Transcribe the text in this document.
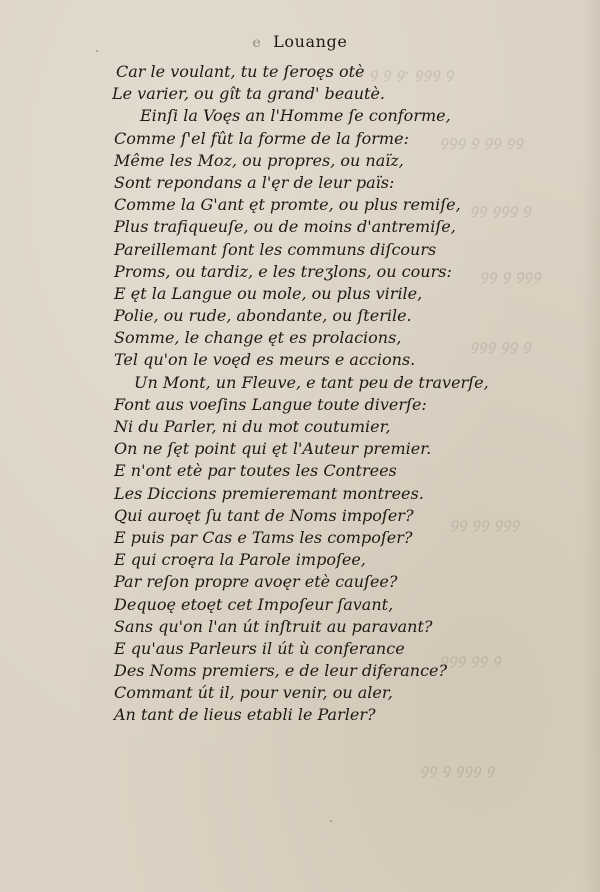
— ꝯ ꝯ ꝯ· ꝯꝯꝯ ꝯ
ꝯꝯꝯ ꝯ ꝯꝯ ꝯꝯ
ꝯꝯ ꝯꝯꝯ ꝯ
ꝯꝯ ꝯ ꝯꝯꝯ
ꝯꝯꝯ ꝯꝯ ꝯ
ꝯꝯ ꝯꝯ ꝯꝯꝯ
ꝯꝯꝯ ꝯꝯ ꝯ
ꝯꝯ ꝯ ꝯꝯꝯ ꝯ
e Louange
Car le voulant, tu te ſeroęs otè
Le varier, ou gît ta grand' beautè.
Einſi la Voęs an l'Homme ſe conforme,
Comme ſ'el fût la forme de la forme:
Même les Moz, ou propres, ou naïz,
Sont repondans a l'ęr de leur païs:
Comme la G'ant ęt promte, ou plus remiſe,
Plus trafiqueuſe, ou de moins d'antremiſe,
Pareillemant ſont les communs diſcours
Proms, ou tardiz, e les treʒlons, ou cours:
E ęt la Langue ou mole, ou plus virile,
Polie, ou rude, abondante, ou ſterile.
Somme, le change ęt es prolacions,
Tel qu'on le voęd es meurs e accions.
Un Mont, un Fleuve, e tant peu de traverſe,
Font aus voeſins Langue toute diverſe:
Ni du Parler, ni du mot coutumier,
On ne ſęt point qui ęt l'Auteur premier.
E n'ont etè par toutes les Contrees
Les Diccions premieremant montrees.
Qui auroęt ſu tant de Noms impoſer?
E puis par Cas e Tams les compoſer?
E qui croęra la Parole impoſee,
Par reſon propre avoęr etè cauſee?
Dequoę etoęt cet Impoſeur ſavant,
Sans qu'on l'an út inſtruit au paravant?
E qu'aus Parleurs il út ù conferance
Des Noms premiers, e de leur diferance?
Commant út il, pour venir, ou aler,
An tant de lieus etabli le Parler?
